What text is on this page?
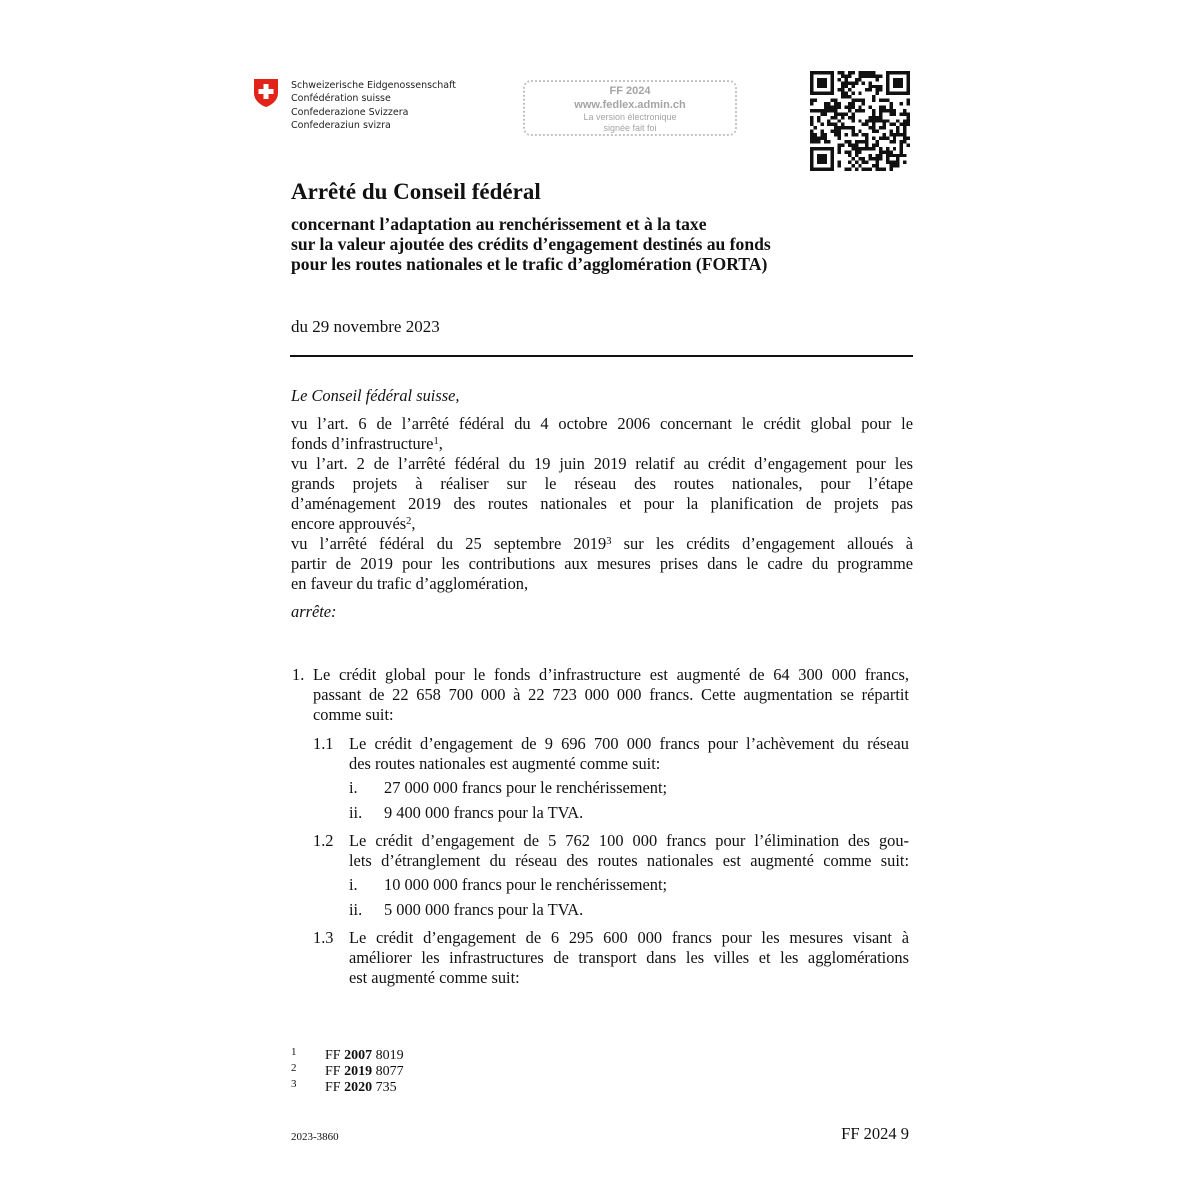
Schweizerische Eidgenossenschaft
Confédération suisse
Confederazione Svizzera
Confederaziun svizra
FF 2024
www.fedlex.admin.ch
La version électronique
signée fait foi
Arrêté du Conseil fédéral
concernant l’adaptation au renchérissement et à la taxe
sur la valeur ajoutée des crédits d’engagement destinés au fonds
pour les routes nationales et le trafic d’agglomération (FORTA)
du 29 novembre 2023
Le Conseil fédéral suisse,
vu l’art. 6 de l’arrêté fédéral du 4 octobre 2006 concernant le crédit global pour le
fonds d’infrastructure$^1$,
vu l’art. 2 de l’arrêté fédéral du 19 juin 2019 relatif au crédit d’engagement pour les
grands projets à réaliser sur le réseau des routes nationales, pour l’étape
d’aménagement 2019 des routes nationales et pour la planification de projets pas
encore approuvés$^2$,
vu l’arrêté fédéral du 25 septembre 2019$^3$ sur les crédits d’engagement alloués à
partir de 2019 pour les contributions aux mesures prises dans le cadre du programme
en faveur du trafic d’agglomération,
arrête:
1. Le crédit global pour le fonds d’infrastructure est augmenté de 64 300 000 francs,
passant de 22 658 700 000 à 22 723 000 000 francs. Cette augmentation se répartit
comme suit:
1.1 Le crédit d’engagement de 9 696 700 000 francs pour l’achèvement du réseau
des routes nationales est augmenté comme suit:
i. 27 000 000 francs pour le renchérissement;
ii. 9 400 000 francs pour la TVA.
1.2 Le crédit d’engagement de 5 762 100 000 francs pour l’élimination des gou-
lets d’étranglement du réseau des routes nationales est augmenté comme suit:
i. 10 000 000 francs pour le renchérissement;
ii. 5 000 000 francs pour la TVA.
1.3 Le crédit d’engagement de 6 295 600 000 francs pour les mesures visant à
améliorer les infrastructures de transport dans les villes et les agglomérations
est augmenté comme suit:
1 FF 2007 8019
2 FF 2019 8077
3 FF 2020 735
2023-3860	FF 2024 9
